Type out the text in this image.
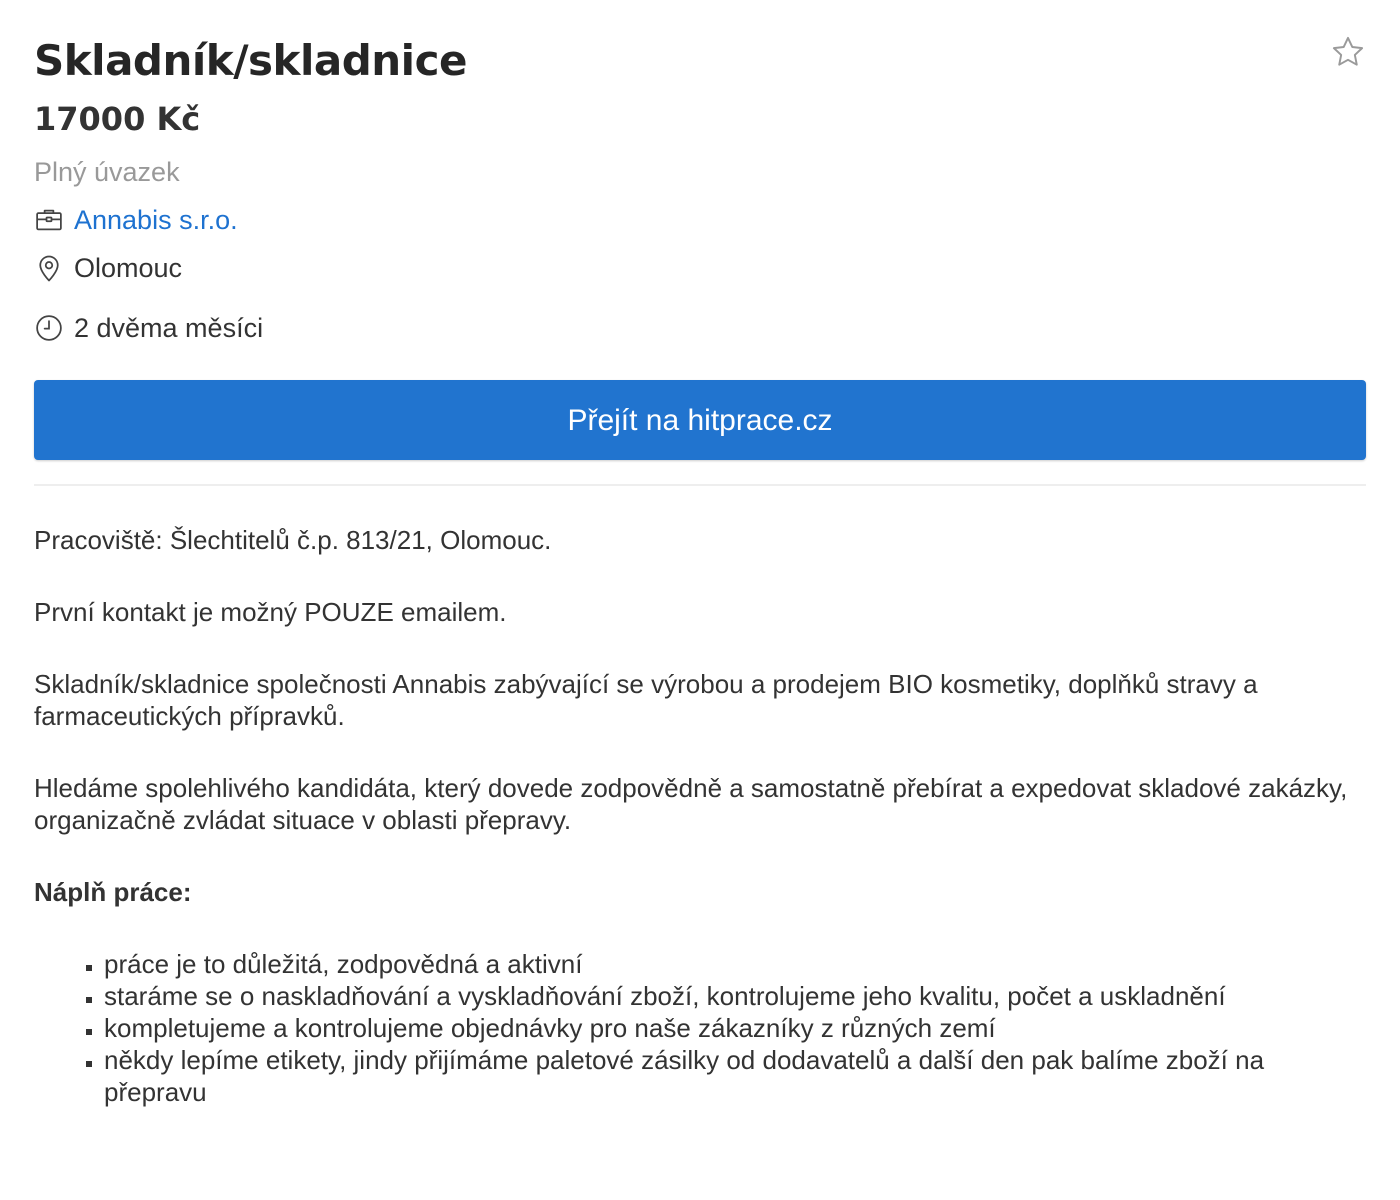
Skladník/skladnice
17000 Kč
Plný úvazek
Annabis s.r.o.
Olomouc
2 dvěma měsíci
Přejít na hitprace.cz

Pracoviště: Šlechtitelů č.p. 813/21, Olomouc.

První kontakt je možný POUZE emailem.

Skladník/skladnice společnosti Annabis zabývající se výrobou a prodejem BIO kosmetiky, doplňků stravy a farmaceutických přípravků.

Hledáme spolehlivého kandidáta, který dovede zodpovědně a samostatně přebírat a expedovat skladové zakázky, organizačně zvládat situace v oblasti přepravy.

Náplň práce:

▪ práce je to důležitá, zodpovědná a aktivní
▪ staráme se o naskladňování a vyskladňování zboží, kontrolujeme jeho kvalitu, počet a uskladnění
▪ kompletujeme a kontrolujeme objednávky pro naše zákazníky z různých zemí
▪ někdy lepíme etikety, jindy přijímáme paletové zásilky od dodavatelů a další den pak balíme zboží na přepravu
